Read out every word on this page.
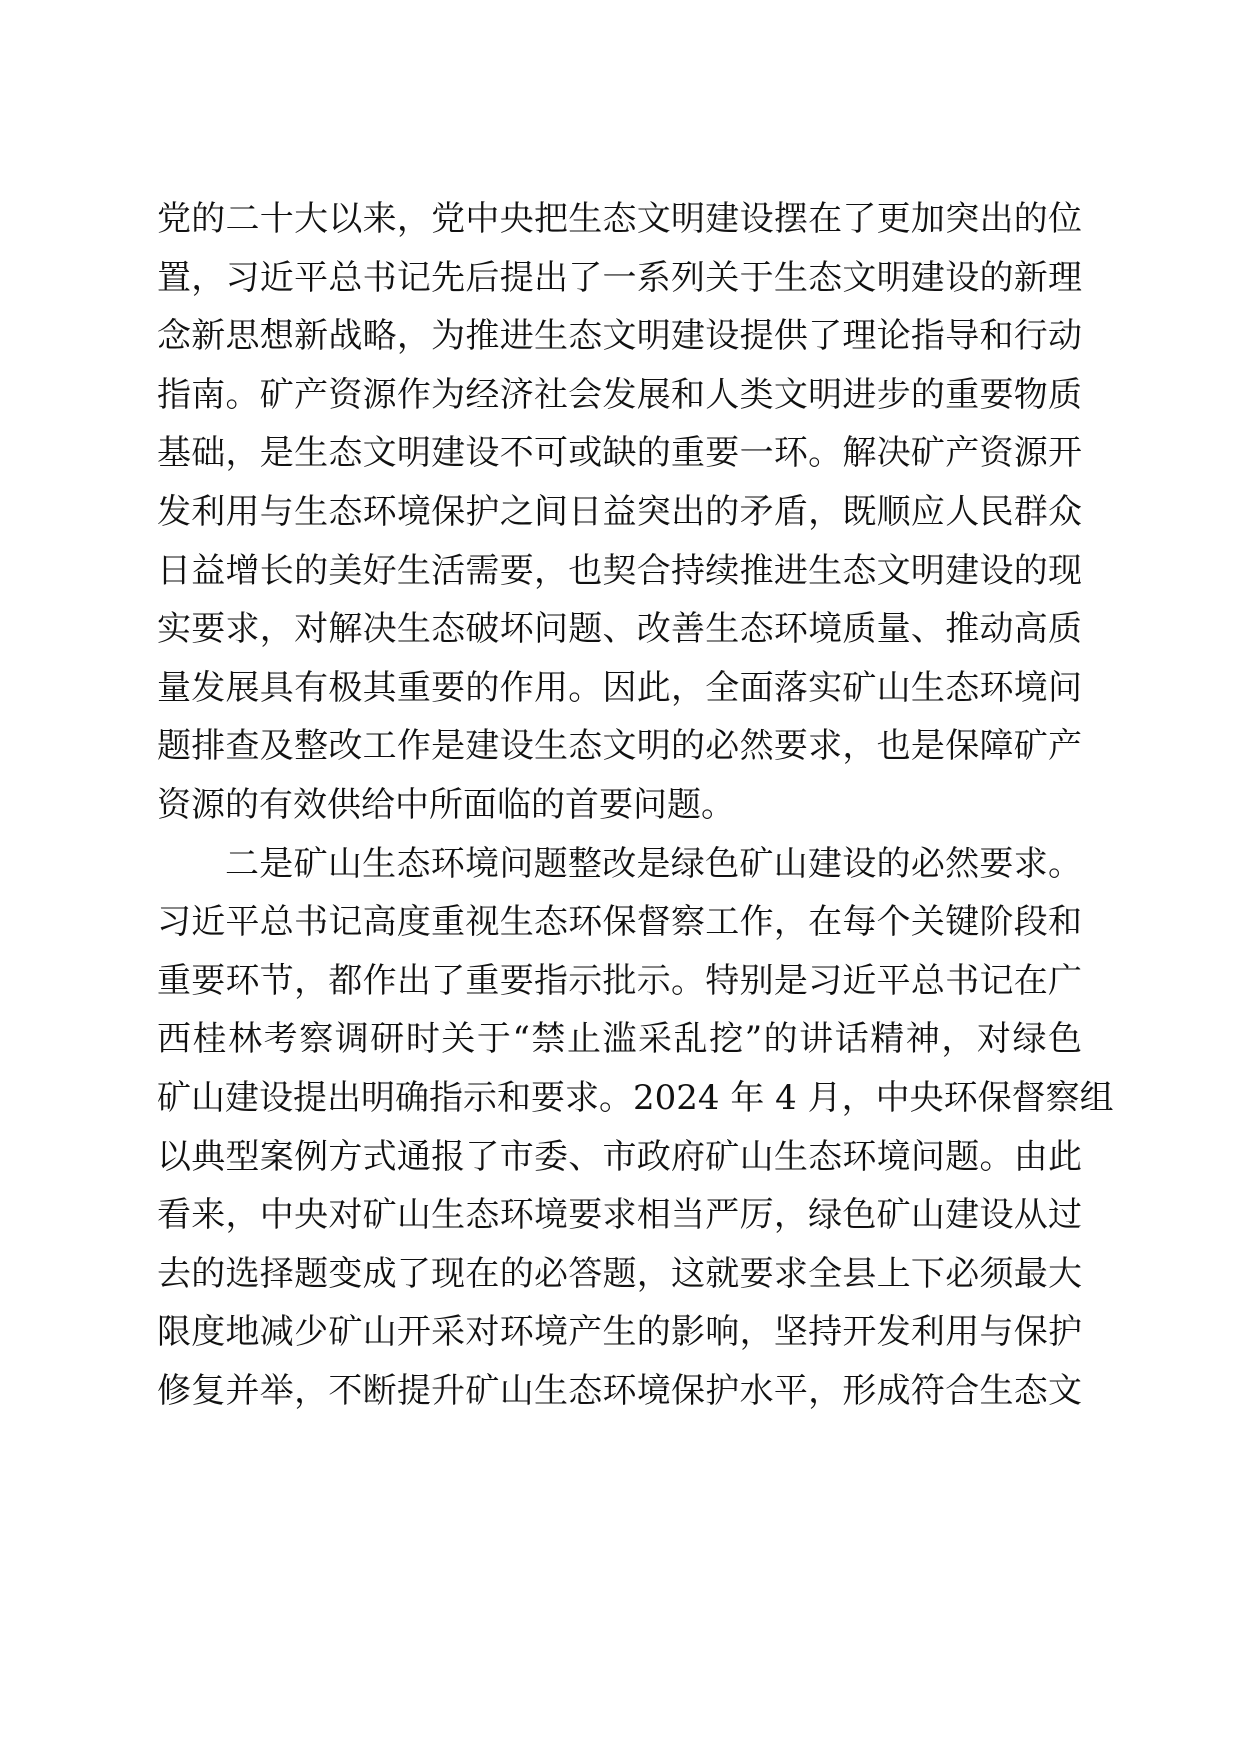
党的二十大以来，党中央把生态文明建设摆在了更加突出的位
置，习近平总书记先后提出了一系列关于生态文明建设的新理
念新思想新战略，为推进生态文明建设提供了理论指导和行动
指南。矿产资源作为经济社会发展和人类文明进步的重要物质
基础，是生态文明建设不可或缺的重要一环。解决矿产资源开
发利用与生态环境保护之间日益突出的矛盾，既顺应人民群众
日益增长的美好生活需要，也契合持续推进生态文明建设的现
实要求，对解决生态破坏问题、改善生态环境质量、推动高质
量发展具有极其重要的作用。因此，全面落实矿山生态环境问
题排查及整改工作是建设生态文明的必然要求，也是保障矿产
资源的有效供给中所面临的首要问题。
二是矿山生态环境问题整改是绿色矿山建设的必然要求。
习近平总书记高度重视生态环保督察工作，在每个关键阶段和
重要环节，都作出了重要指示批示。特别是习近平总书记在广
西桂林考察调研时关于“禁止滥采乱挖”的讲话精神，对绿色
矿山建设提出明确指示和要求。2024 年 4 月，中央环保督察组
以典型案例方式通报了市委、市政府矿山生态环境问题。由此
看来，中央对矿山生态环境要求相当严厉，绿色矿山建设从过
去的选择题变成了现在的必答题，这就要求全县上下必须最大
限度地减少矿山开采对环境产生的影响，坚持开发利用与保护
修复并举，不断提升矿山生态环境保护水平，形成符合生态文
